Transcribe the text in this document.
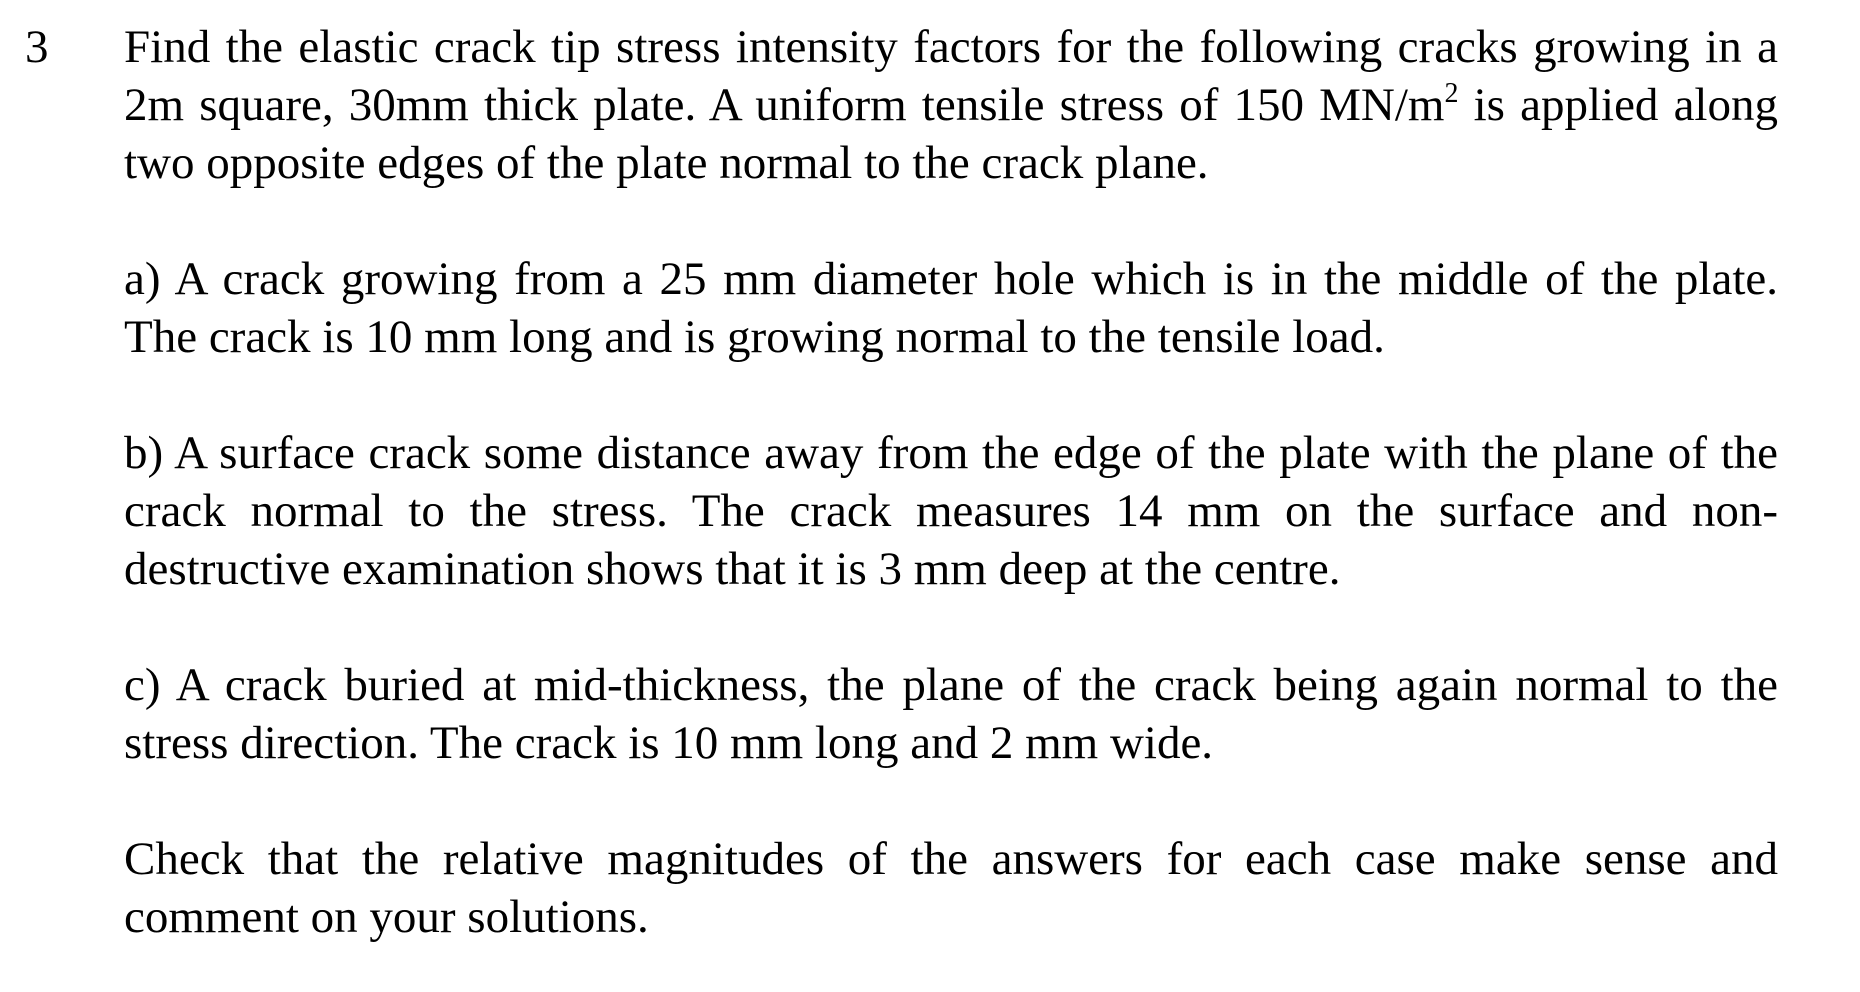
3 Find the elastic crack tip stress intensity factors for the following cracks growing in a 2m square, 30mm thick plate. A uniform tensile stress of 150 $MN/m^2$ is applied along two opposite edges of the plate normal to the crack plane.

a) A crack growing from a 25 mm diameter hole which is in the middle of the plate. The crack is 10 mm long and is growing normal to the tensile load.

b) A surface crack some distance away from the edge of the plate with the plane of the crack normal to the stress. The crack measures 14 mm on the surface and non-destructive examination shows that it is 3 mm deep at the centre.

c) A crack buried at mid-thickness, the plane of the crack being again normal to the stress direction. The crack is 10 mm long and 2 mm wide.

Check that the relative magnitudes of the answers for each case make sense and comment on your solutions.
